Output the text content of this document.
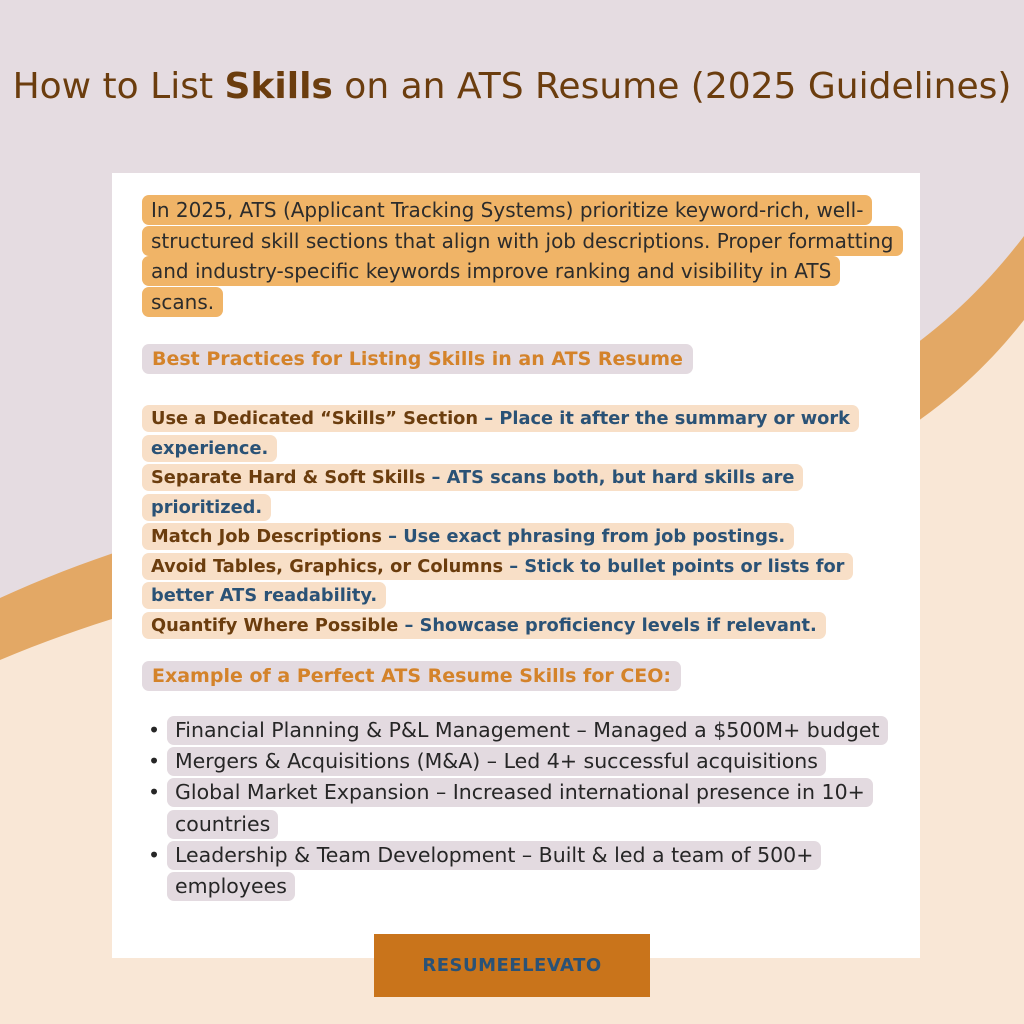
How to List Skills on an ATS Resume (2025 Guidelines)
In 2025, ATS (Applicant Tracking Systems) prioritize keyword-rich, well-structured skill sections that align with job descriptions. Proper formatting and industry-specific keywords improve ranking and visibility in ATS scans.
Best Practices for Listing Skills in an ATS Resume
Use a Dedicated “Skills” Section – Place it after the summary or work experience.
Separate Hard & Soft Skills – ATS scans both, but hard skills are prioritized.
Match Job Descriptions – Use exact phrasing from job postings.
Avoid Tables, Graphics, or Columns – Stick to bullet points or lists for better ATS readability.
Quantify Where Possible – Showcase proficiency levels if relevant.
Example of a Perfect ATS Resume Skills for CEO:
• Financial Planning & P&L Management – Managed a $500M+ budget
• Mergers & Acquisitions (M&A) – Led 4+ successful acquisitions
• Global Market Expansion – Increased international presence in 10+ countries
• Leadership & Team Development – Built & led a team of 500+ employees
RESUMEELEVATO
